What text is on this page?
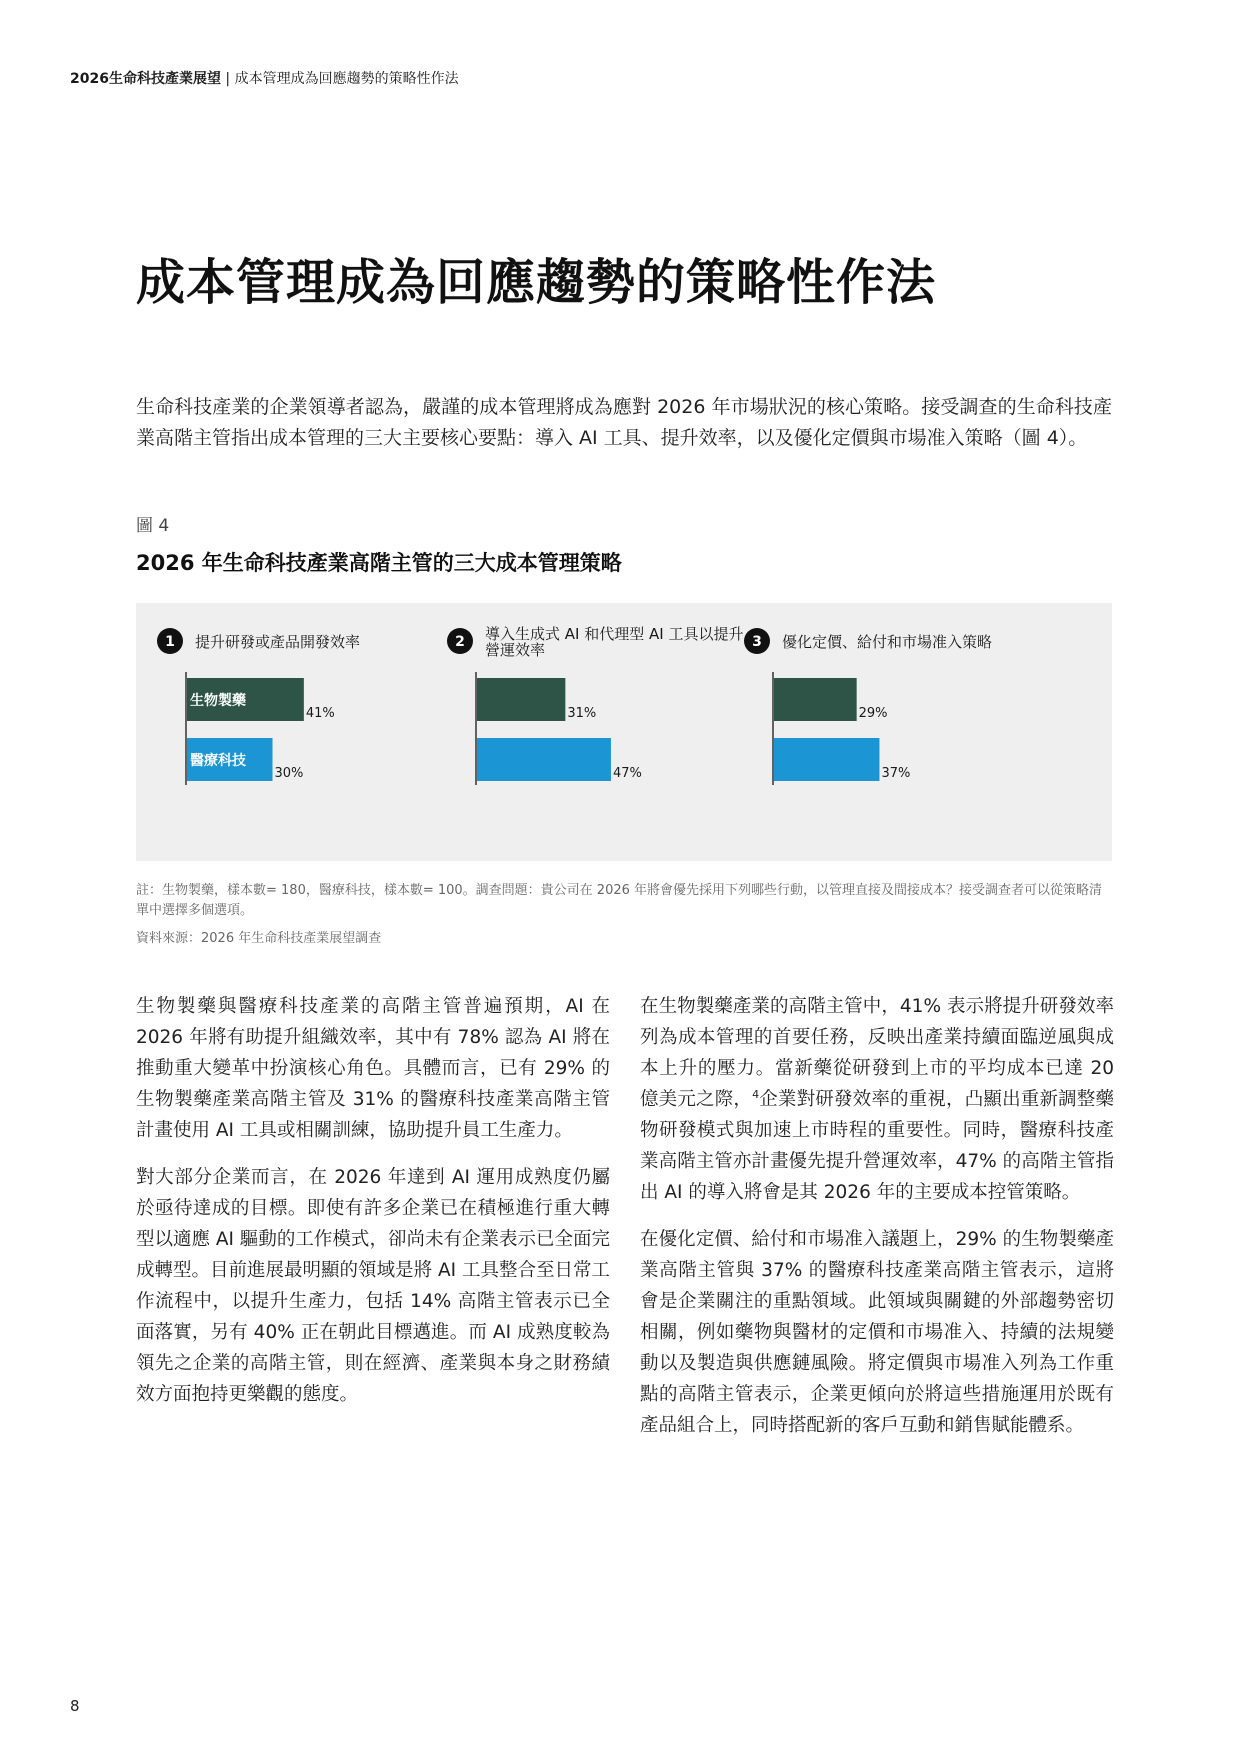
2026生命科技產業展望 | 成本管理成為回應趨勢的策略性作法
成本管理成為回應趨勢的策略性作法
生命科技產業的企業領導者認為，嚴謹的成本管理將成為應對 2026 年市場狀況的核心策略。接受調查的生命科技產業高階主管指出成本管理的三大主要核心要點：導入 AI 工具、提升效率，以及優化定價與市場准入策略（圖 4）。
圖 4
2026 年生命科技產業高階主管的三大成本管理策略
1 提升研發或產品開發效率
41%
生物製藥
30%
醫療科技
2 導入生成式 AI 和代理型 AI 工具以提升
營運效率
31%
47%
3 優化定價、給付和市場准入策略
29%
37%

註：生物製藥，樣本數= 180，醫療科技，樣本數= 100。調查問題：貴公司在 2026 年將會優先採用下列哪些行動，以管理直接及間接成本？接受調查者可以從策略清單中選擇多個選項。

資料來源：2026 年生命科技產業展望調查

生物製藥與醫療科技產業的高階主管普遍預期，AI 在 2026 年將有助提升組織效率，其中有 78% 認為 AI 將在推動重大變革中扮演核心角色。具體而言，已有 29% 的生物製藥產業高階主管及 31% 的醫療科技產業高階主管計畫使用 AI 工具或相關訓練，協助提升員工生產力。

對大部分企業而言，在 2026 年達到 AI 運用成熟度仍屬於亟待達成的目標。即使有許多企業已在積極進行重大轉型以適應 AI 驅動的工作模式，卻尚未有企業表示已全面完成轉型。目前進展最明顯的領域是將 AI 工具整合至日常工作流程中，以提升生產力，包括 14% 高階主管表示已全面落實，另有 40% 正在朝此目標邁進。而 AI 成熟度較為領先之企業的高階主管，則在經濟、產業與本身之財務績效方面抱持更樂觀的態度。

在生物製藥產業的高階主管中，41% 表示將提升研發效率列為成本管理的首要任務，反映出產業持續面臨逆風與成本上升的壓力。當新藥從研發到上市的平均成本已達 20 億美元之際，$^4$企業對研發效率的重視，凸顯出重新調整藥物研發模式與加速上市時程的重要性。同時，醫療科技產業高階主管亦計畫優先提升營運效率，47% 的高階主管指出 AI 的導入將會是其 2026 年的主要成本控管策略。

在優化定價、給付和市場准入議題上，29% 的生物製藥產業高階主管與 37% 的醫療科技產業高階主管表示，這將會是企業關注的重點領域。此領域與關鍵的外部趨勢密切相關，例如藥物與醫材的定價和市場准入、持續的法規變動以及製造與供應鏈風險。將定價與市場准入列為工作重點的高階主管表示，企業更傾向於將這些措施運用於既有產品組合上，同時搭配新的客戶互動和銷售賦能體系。

8
